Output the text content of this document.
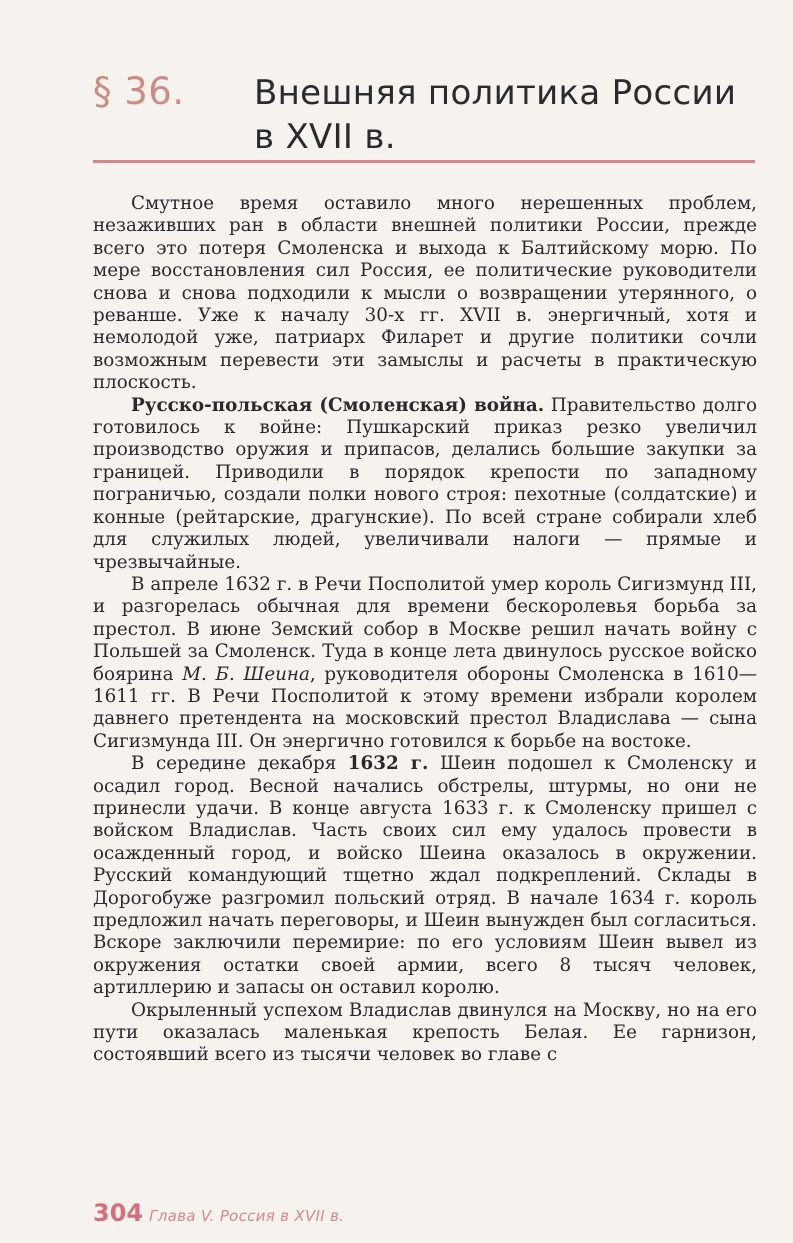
§ 36. Внешняя политика России
в XVII в.

Смутное время оставило много нерешенных проблем, незаживших ран в области внешней политики России, прежде всего это потеря Смоленска и выхода к Балтийскому морю. По мере восстановления сил Россия, ее политические руководители снова и снова подходили к мысли о возвращении утерянного, о реванше. Уже к началу 30-х гг. XVII в. энергичный, хотя и немолодой уже, патриарх Филарет и другие политики сочли возможным перевести эти замыслы и расчеты в практическую плоскость.

Русско-польская (Смоленская) война. Правительство долго готовилось к войне: Пушкарский приказ резко увеличил производство оружия и припасов, делались большие закупки за границей. Приводили в порядок крепости по западному пограничью, создали полки нового строя: пехотные (солдатские) и конные (рейтарские, драгунские). По всей стране собирали хлеб для служилых людей, увеличивали налоги — прямые и чрезвычайные.

В апреле 1632 г. в Речи Посполитой умер король Сигизмунд III, и разгорелась обычная для времени бескоролевья борьба за престол. В июне Земский собор в Москве решил начать войну с Польшей за Смоленск. Туда в конце лета двинулось русское войско боярина М. Б. Шеина, руководителя обороны Смоленска в 1610—1611 гг. В Речи Посполитой к этому времени избрали королем давнего претендента на московский престол Владислава — сына Сигизмунда III. Он энергично готовился к борьбе на востоке.

В середине декабря 1632 г. Шеин подошел к Смоленску и осадил город. Весной начались обстрелы, штурмы, но они не принесли удачи. В конце августа 1633 г. к Смоленску пришел с войском Владислав. Часть своих сил ему удалось провести в осажденный город, и войско Шеина оказалось в окружении. Русский командующий тщетно ждал подкреплений. Склады в Дорогобуже разгромил польский отряд. В начале 1634 г. король предложил начать переговоры, и Шеин вынужден был согласиться. Вскоре заключили перемирие: по его условиям Шеин вывел из окружения остатки своей армии, всего 8 тысяч человек, артиллерию и запасы он оставил королю.

Окрыленный успехом Владислав двинулся на Москву, но на его пути оказалась маленькая крепость Белая. Ее гарнизон, состоявший всего из тысячи человек во главе с

304 Глава V. Россия в XVII в.
